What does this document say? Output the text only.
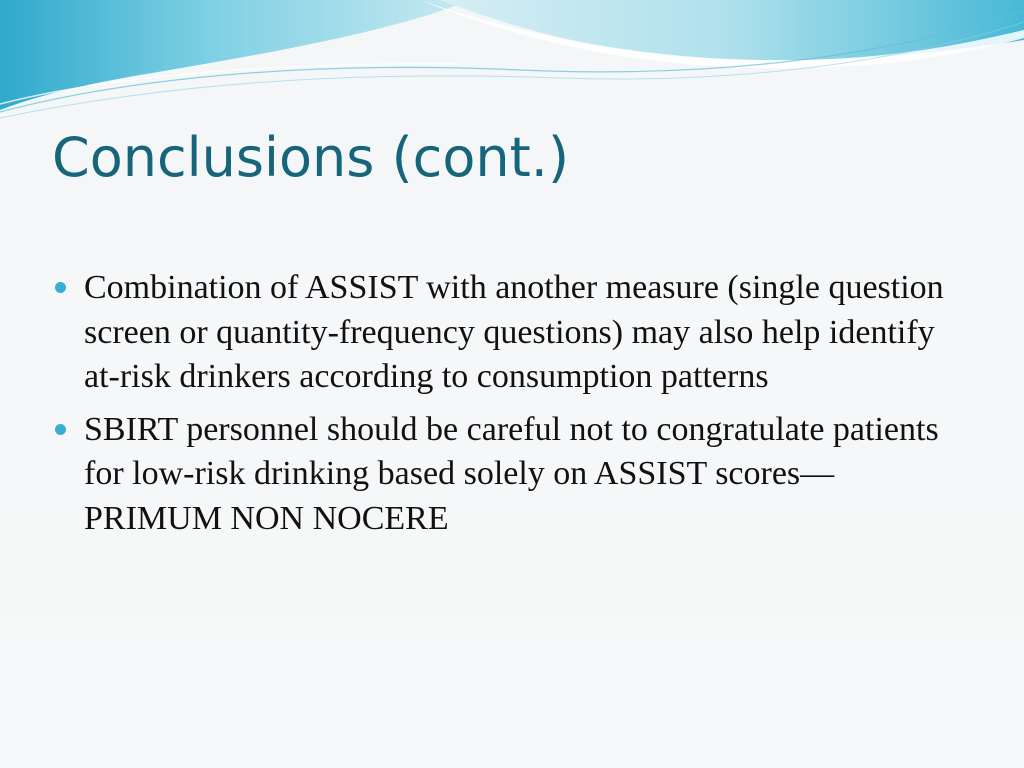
Conclusions (cont.)
Combination of ASSIST with another measure (single question screen or quantity-frequency questions) may also help identify at-risk drinkers according to consumption patterns
SBIRT personnel should be careful not to congratulate patients for low-risk drinking based solely on ASSIST scores—PRIMUM NON NOCERE
